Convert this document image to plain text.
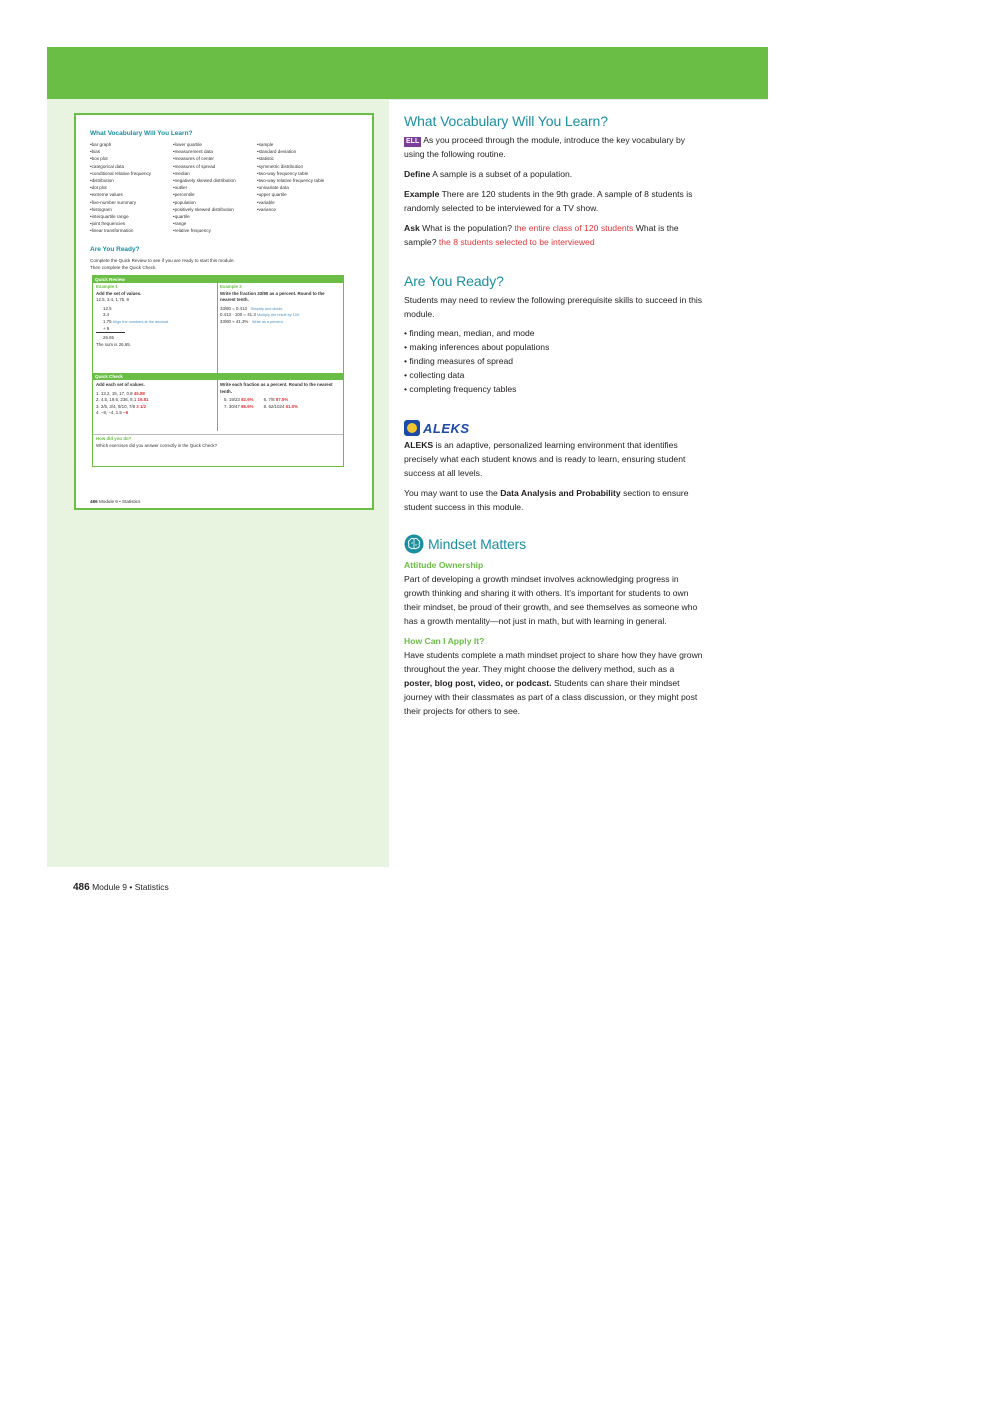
What Vocabulary Will You Learn?
• bar graph
• bias
• box plot
• categorical data
• conditional relative frequency
• distribution
• dot plot
• extreme values
• five-number summary
• histogram
• interquartile range
• joint frequencies
• linear transformation
• lower quartile
• measurement data
• measures of center
• measures of spread
• median
• negatively skewed distribution
• outlier
• percentile
• population
• positively skewed distribution
• quartile
• range
• relative frequency
• sample
• standard deviation
• statistic
• symmetric distribution
• two-way frequency table
• two-way relative frequency table
• univariate data
• upper quartile
• variable
• variance
Are You Ready?
Complete the Quick Review to see if you are ready to start this module.
Then complete the Quick Check.
Quick Review
Example 1
Add the set of values.
12.5, 3.4, 1.75, 9
12.5
3.4
1.75 Align the numbers at the decimal.
+ 9
26.65
The sum is 26.65.
Example 2
Write the fraction 33/80 as a percent. Round to the nearest tenth.
33/80 = 0.413 Simplify and divide.
0.413 · 100 = 41.3 Multiply the result by 100.
33/80 ≈ 41.3% Write as a percent.
Quick Check
Add each set of values.
1. 13.2, 15, 17, 0.8 45.88
2. 4.5, 19.5, 236, 8.1 16.81
3. 2/5, 3/4, 9/10, 7/8 3 1/2
4. −8, −4, 1.5 −6
Write each fraction as a percent. Round to the nearest tenth.
5. 19/23 82.6% 6. 7/8 87.5%
7. 30/47 85.6% 8. 62/1024 61.0%
How did you do?
Which exercises did you answer correctly in the Quick Check?
486 Module 9 • Statistics
486 Module 9 • Statistics
What Vocabulary Will You Learn?

ELL As you proceed through the module, introduce the key vocabulary by using the following routine.

Define A sample is a subset of a population.

Example There are 120 students in the 9th grade. A sample of 8 students is randomly selected to be interviewed for a TV show.

Ask What is the population? the entire class of 120 students What is the sample? the 8 students selected to be interviewed

Are You Ready?

Students may need to review the following prerequisite skills to succeed in this module.

• finding mean, median, and mode
• making inferences about populations
• finding measures of spread
• collecting data
• completing frequency tables
ALEKS

ALEKS is an adaptive, personalized learning environment that identifies precisely what each student knows and is ready to learn, ensuring student success at all levels.

You may want to use the Data Analysis and Probability section to ensure student success in this module.

Mindset Matters

Attitude Ownership

Part of developing a growth mindset involves acknowledging progress in growth thinking and sharing it with others. It’s important for students to own their mindset, be proud of their growth, and see themselves as someone who has a growth mentality—not just in math, but with learning in general.

How Can I Apply It?

Have students complete a math mindset project to share how they have grown throughout the year. They might choose the delivery method, such as a poster, blog post, video, or podcast. Students can share their mindset journey with their classmates as part of a class discussion, or they might post their projects for others to see.
